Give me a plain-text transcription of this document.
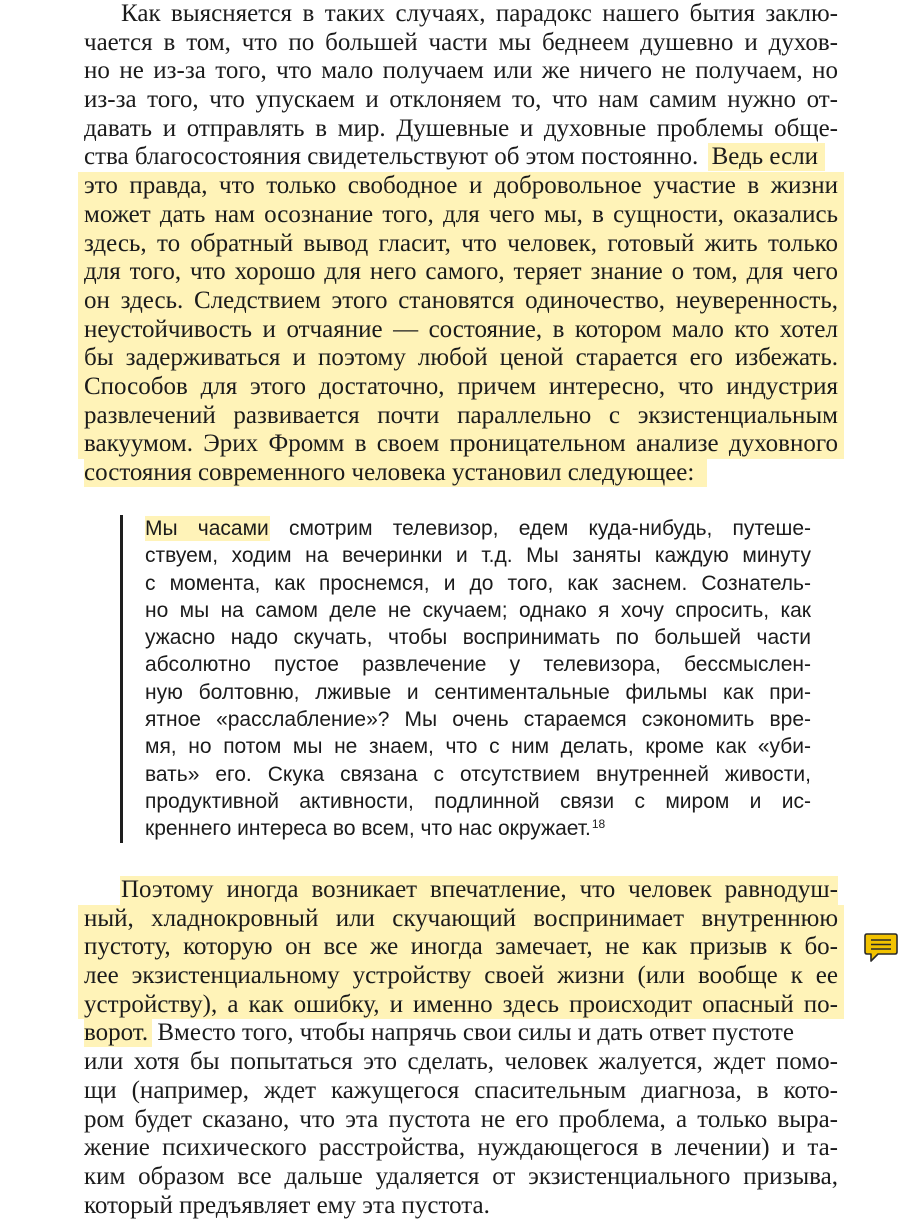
Как выясняется в таких случаях, парадокс нашего бытия заклю-
чается в том, что по большей части мы беднеем душевно и духов-
но не из-за того, что мало получаем или же ничего не получаем, но
из-за того, что упускаем и отклоняем то, что нам самим нужно от-
давать и отправлять в мир. Душевные и духовные проблемы обще-
ства благосостояния свидетельствуют об этом постоянно. Ведь если
это правда, что только свободное и добровольное участие в жизни
может дать нам осознание того, для чего мы, в сущности, оказались
здесь, то обратный вывод гласит, что человек, готовый жить только
для того, что хорошо для него самого, теряет знание о том, для чего
он здесь. Следствием этого становятся одиночество, неуверенность,
неустойчивость и отчаяние — состояние, в котором мало кто хотел
бы задерживаться и поэтому любой ценой старается его избежать.
Способов для этого достаточно, причем интересно, что индустрия
развлечений развивается почти параллельно с экзистенциальным
вакуумом. Эрих Фромм в своем проницательном анализе духовного
состояния современного человека установил следующее:
Мы часами смотрим телевизор, едем куда-нибудь, путеше-
ствуем, ходим на вечеринки и т.д. Мы заняты каждую минуту
с момента, как проснемся, и до того, как заснем. Сознатель-
но мы на самом деле не скучаем; однако я хочу спросить, как
ужасно надо скучать, чтобы воспринимать по большей части
абсолютно пустое развлечение у телевизора, бессмыслен-
ную болтовню, лживые и сентиментальные фильмы как при-
ятное «расслабление»? Мы очень стараемся сэкономить вре-
мя, но потом мы не знаем, что с ним делать, кроме как «уби-
вать» его. Скука связана с отсутствием внутренней живости,
продуктивной активности, подлинной связи с миром и ис-
креннего интереса во всем, что нас окружает.$^{18}$
Поэтому иногда возникает впечатление, что человек равнодуш-
ный, хладнокровный или скучающий воспринимает внутреннюю
пустоту, которую он все же иногда замечает, не как призыв к бо-
лее экзистенциальному устройству своей жизни (или вообще к ее
устройству), а как ошибку, и именно здесь происходит опасный по-
ворот. Вместо того, чтобы напрячь свои силы и дать ответ пустоте
или хотя бы попытаться это сделать, человек жалуется, ждет помо-
щи (например, ждет кажущегося спасительным диагноза, в кото-
ром будет сказано, что эта пустота не его проблема, а только выра-
жение психического расстройства, нуждающегося в лечении) и та-
ким образом все дальше удаляется от экзистенциального призыва,
который предъявляет ему эта пустота.
